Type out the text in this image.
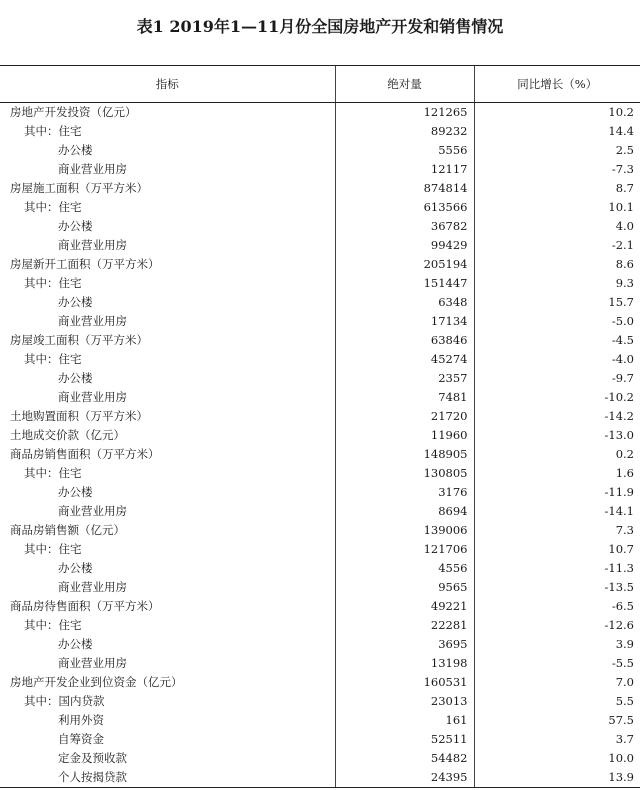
表1 2019年1—11月份全国房地产开发和销售情况
指标	绝对量	同比增长（%）
房地产开发投资（亿元）	121265	10.2
其中：住宅	89232	14.4
办公楼	5556	2.5
商业营业用房	12117	-7.3
房屋施工面积（万平方米）	874814	8.7
其中：住宅	613566	10.1
办公楼	36782	4.0
商业营业用房	99429	-2.1
房屋新开工面积（万平方米）	205194	8.6
其中：住宅	151447	9.3
办公楼	6348	15.7
商业营业用房	17134	-5.0
房屋竣工面积（万平方米）	63846	-4.5
其中：住宅	45274	-4.0
办公楼	2357	-9.7
商业营业用房	7481	-10.2
土地购置面积（万平方米）	21720	-14.2
土地成交价款（亿元）	11960	-13.0
商品房销售面积（万平方米）	148905	0.2
其中：住宅	130805	1.6
办公楼	3176	-11.9
商业营业用房	8694	-14.1
商品房销售额（亿元）	139006	7.3
其中：住宅	121706	10.7
办公楼	4556	-11.3
商业营业用房	9565	-13.5
商品房待售面积（万平方米）	49221	-6.5
其中：住宅	22281	-12.6
办公楼	3695	3.9
商业营业用房	13198	-5.5
房地产开发企业到位资金（亿元）	160531	7.0
其中：国内贷款	23013	5.5
利用外资	161	57.5
自筹资金	52511	3.7
定金及预收款	54482	10.0
个人按揭贷款	24395	13.9
